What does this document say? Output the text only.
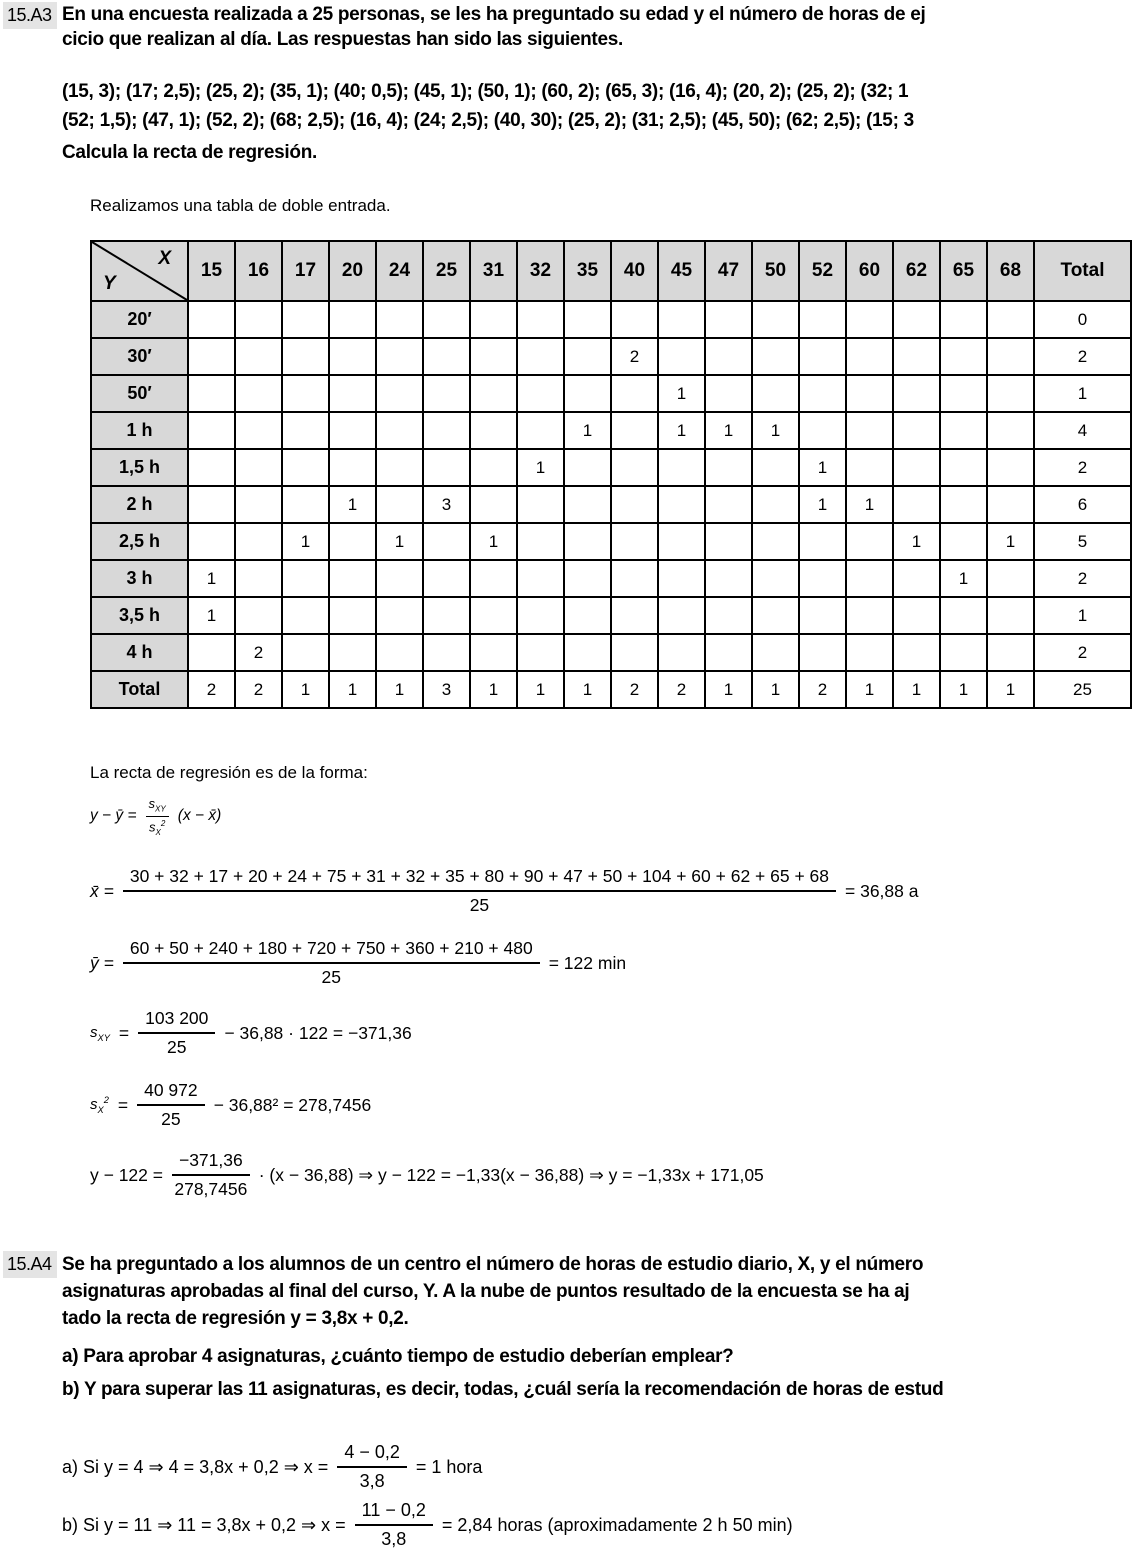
15.A3 En una encuesta realizada a 25 personas, se les ha preguntado su edad y el número de horas de ej
cicio que realizan al día. Las respuestas han sido las siguientes.
(15, 3); (17; 2,5); (25, 2); (35, 1); (40; 0,5); (45, 1); (50, 1); (60, 2); (65, 3); (16, 4); (20, 2); (25, 2); (32; 1
(52; 1,5); (47, 1); (52, 2); (68; 2,5); (16, 4); (24; 2,5); (40, 30); (25, 2); (31; 2,5); (45, 50); (62; 2,5); (15; 3
Calcula la recta de regresión.
Realizamos una tabla de doble entrada.
X
Y	15	16	17	20	24	25	31	32	35	40	45	47	50	52	60	62	65	68	Total
20′																			0
30′										2									2
50′											1								1
1 h									1		1	1	1						4
1,5 h								1						1					2
2 h				1		3								1	1				6
2,5 h			1		1		1									1		1	5
3 h	1																1		2
3,5 h	1																		1
4 h		2																	2
Total	2	2	1	1	1	3	1	1	1	2	2	1	1	2	1	1	1	1	25
La recta de regresión es de la forma:
y − ȳ = $\frac{s_{XY}}{s_X^2} (x$ − x̄)
x̄ =
30 + 32 + 17 + 20 + 24 + 75 + 31 + 32 + 35 + 80 + 90 + 47 + 50 + 104 + 60 + 62 + 65 + 68
25
= 36,88 a
ȳ = $\frac{60 + 50 + 240 + 180 + 720 + 750 + 360 + 210 + 480}{25} = 122$ min
$s_{XY} = \frac{103 200}{25} - 36,88 \cdot 122 = -371,36$
$s_X^2 = \frac{40 972}{25} - 36,88^2 = 278,7456$
$y - 122 = \frac{-371,36}{278,7456} \cdot (x - 36,88)$ ⇒ y − 122 = −1,33(x − 36,88) ⇒ y = −1,33x + 171,05
15.A4 Se ha preguntado a los alumnos de un centro el número de horas de estudio diario, X, y el número
asignaturas aprobadas al final del curso, Y. A la nube de puntos resultado de la encuesta se ha aj
tado la recta de regresión y = 3,8x + 0,2.
a) Para aprobar 4 asignaturas, ¿cuánto tiempo de estudio deberían emplear?
b) Y para superar las 11 asignaturas, es decir, todas, ¿cuál sería la recomendación de horas de estud
a) Si y = 4 ⇒ 4 = 3,8x + 0,2 ⇒ $x = \frac{4 - 0,2}{3,8} = 1$ hora
b) Si y = 11 ⇒ 11 = 3,8x + 0,2 ⇒ $x = \frac{11 - 0,2}{3,8} = 2,84$ horas (aproximadamente 2 h 50 min)
